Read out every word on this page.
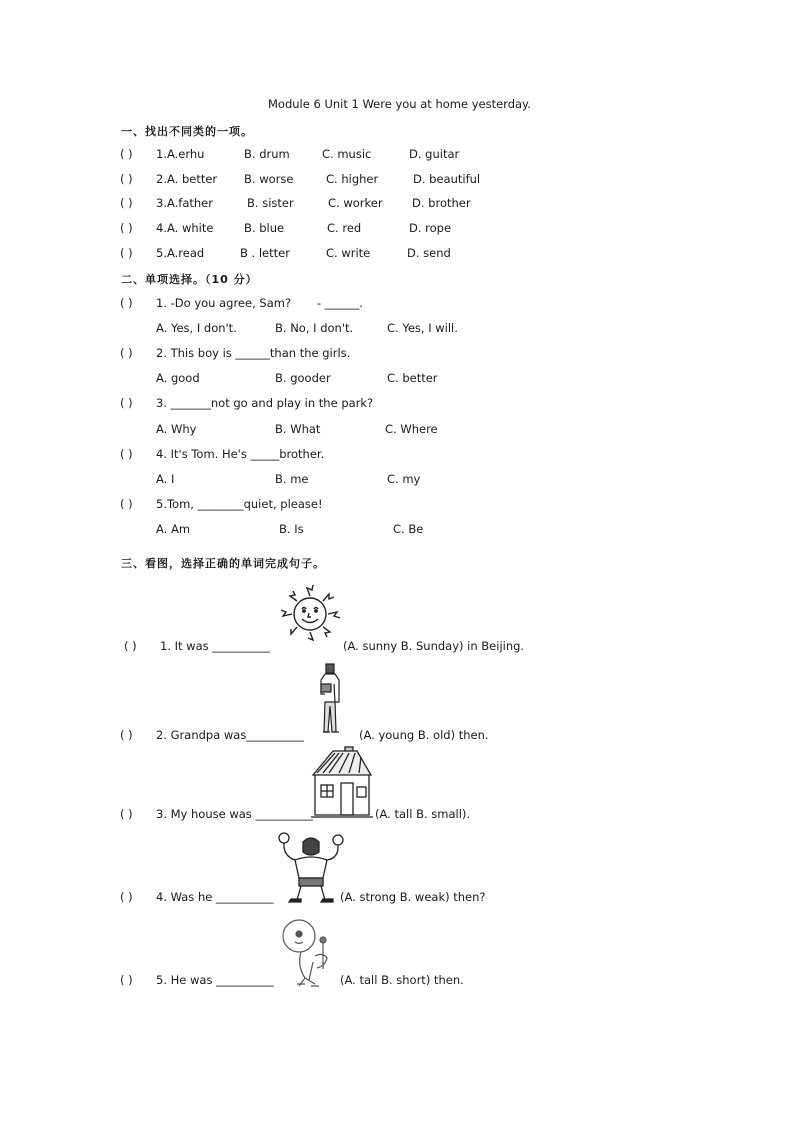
Module 6 Unit 1 Were you at home yesterday.
一、找出不同类的一项。
( ) 1.A.erhu	B. drum	C. music	D. guitar
( ) 2.A. better B. worse	C. higher	D. beautiful
( ) 3.A.father	B. sister	C. worker	D. brother
( ) 4.A. white	B. blue	C. red	D. rope
( ) 5.A.read	B . letter	C. write	D. send
二、单项选择。（10 分）
( ) 1. -Do you agree, Sam? - ______.
A. Yes, I don't.	B. No, I don't.	C. Yes, I will.
( ) 2. This boy is ______than the girls.
A. good	B. gooder	C. better
( ) 3. _______not go and play in the park?
A. Why	B. What	C. Where
( ) 4. It's Tom. He's _____brother.
A. I	B. me	C. my
( ) 5.Tom, ________quiet, please!
A. Am	B. Is	C. Be
三、看图，选择正确的单词完成句子。
( ) 1. It was __________	(A. sunny B. Sunday) in Beijing.
( ) 2. Grandpa was__________	(A. young B. old) then.
( ) 3. My house was __________	(A. tall B. small).
( ) 4. Was he __________	(A. strong B. weak) then?
( ) 5. He was __________	(A. tall B. short) then.
